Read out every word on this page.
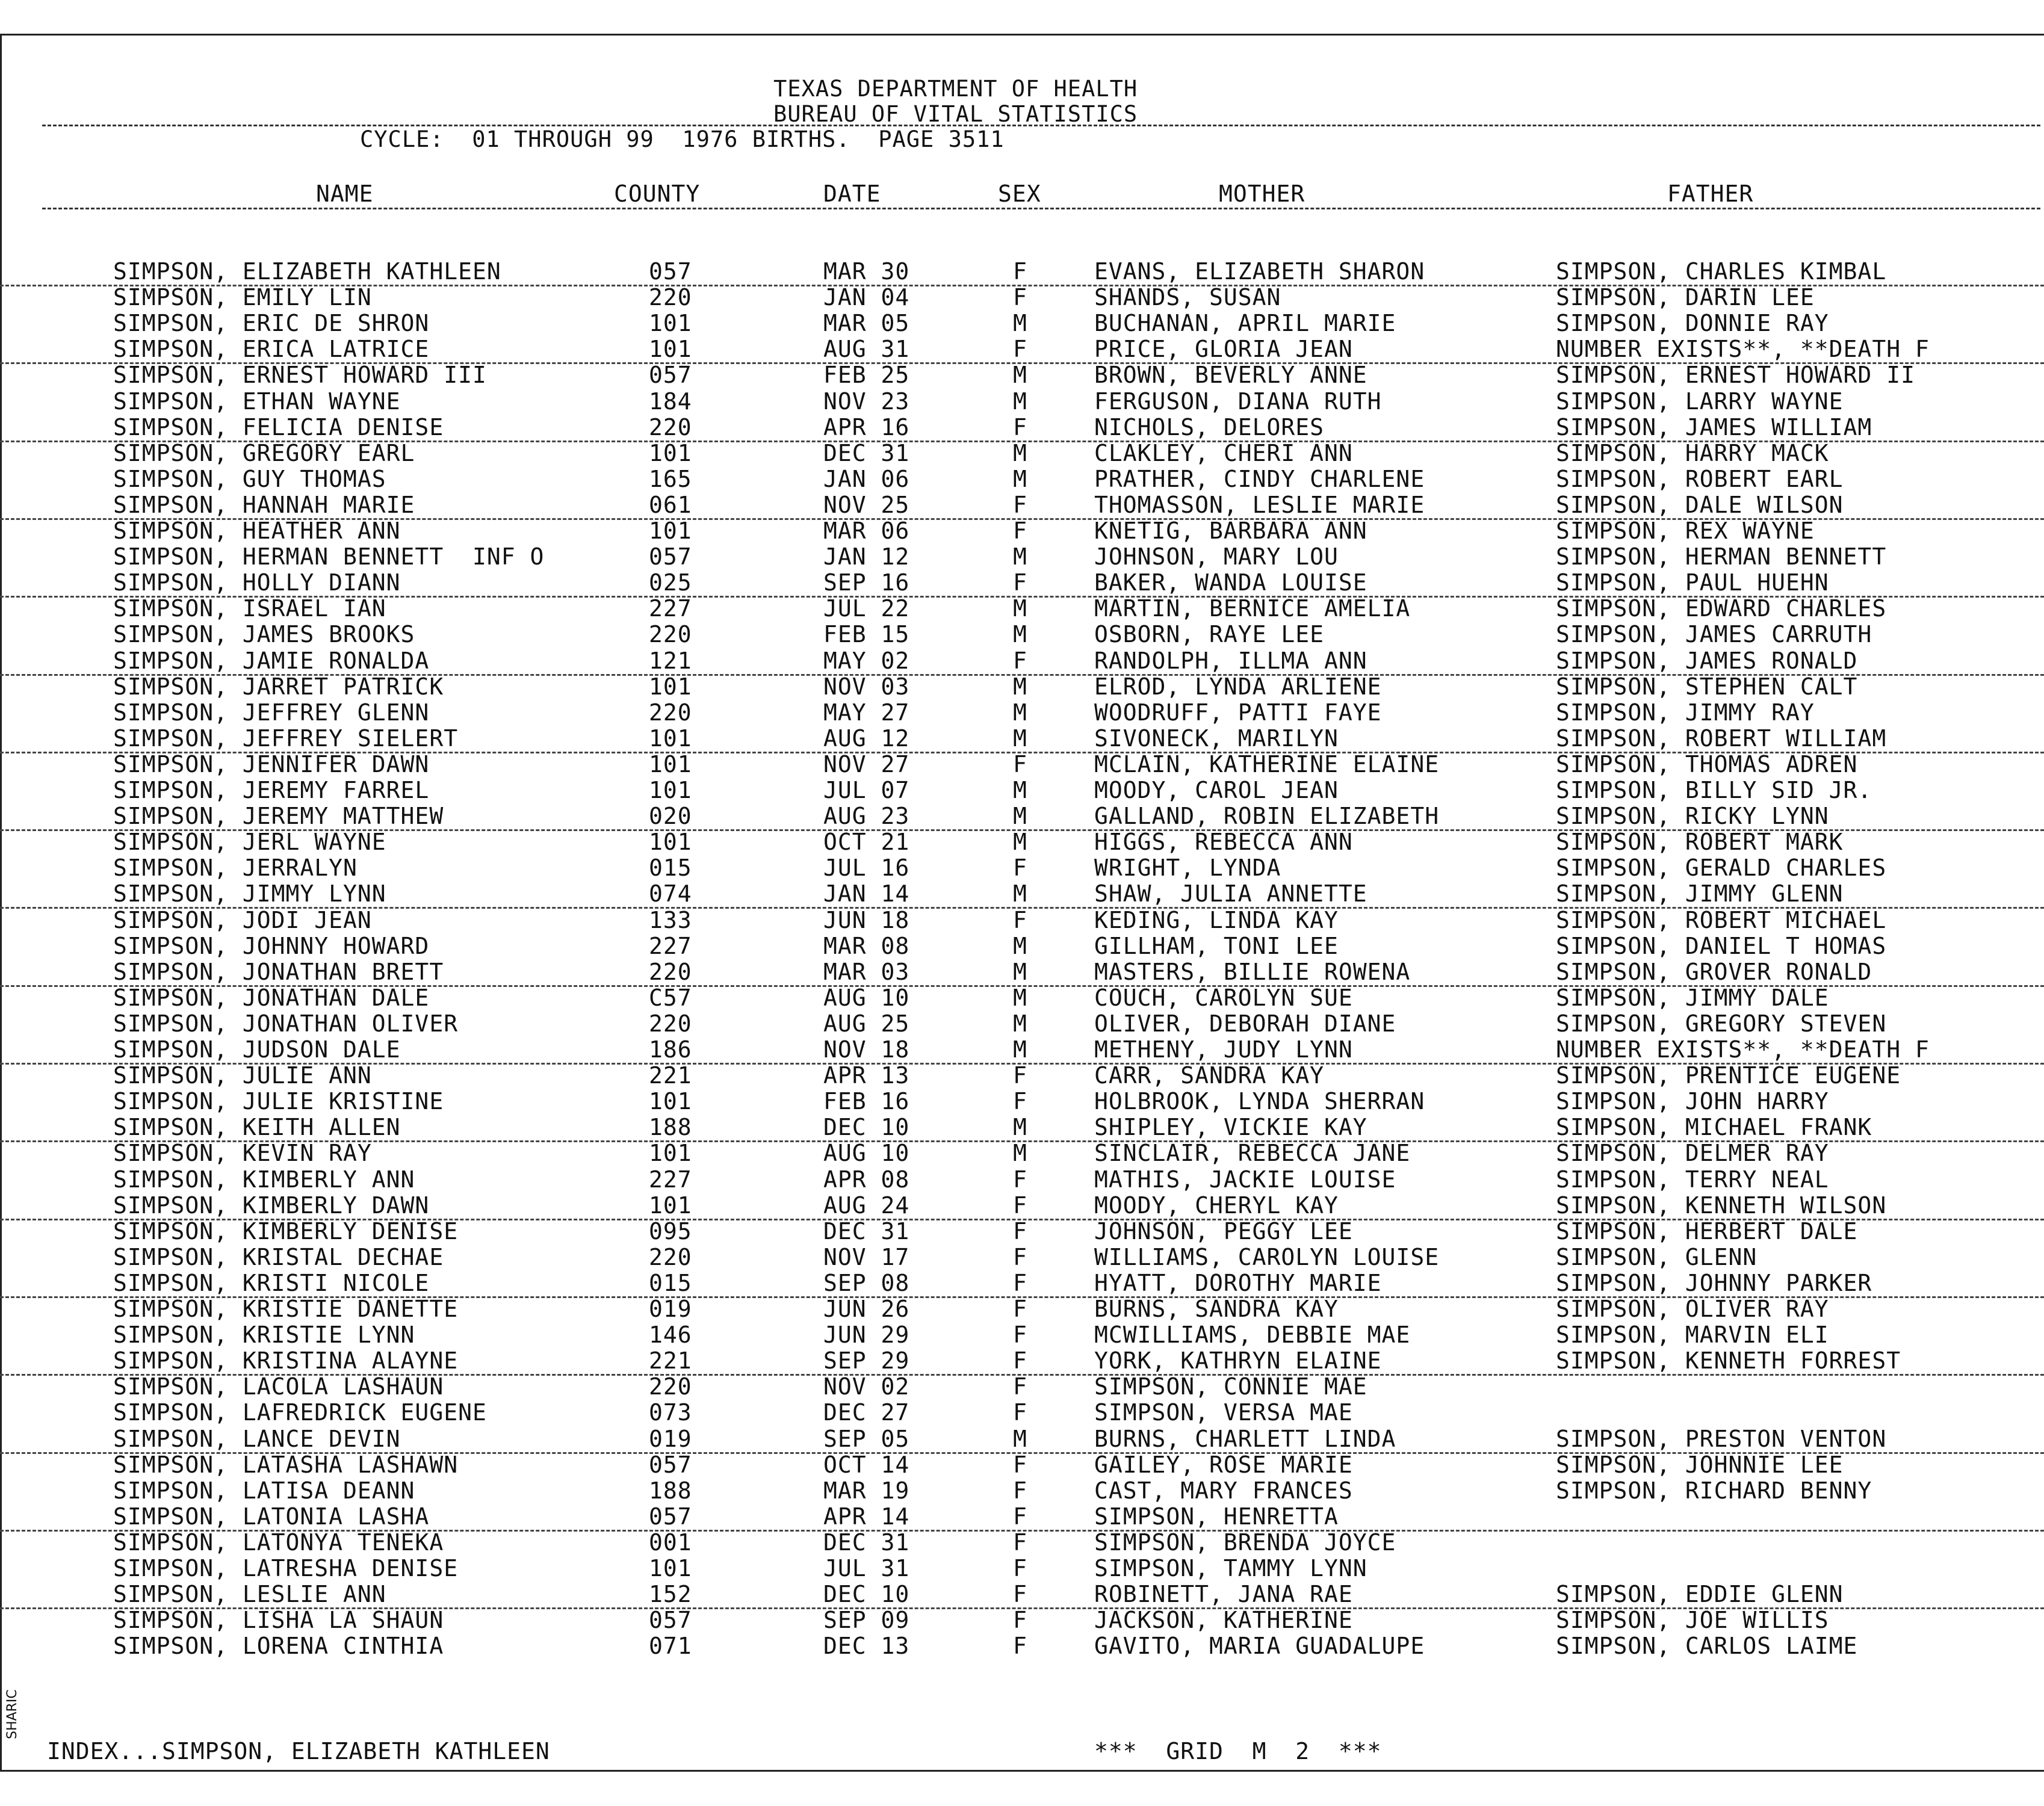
TEXAS DEPARTMENT OF HEALTH
BUREAU OF VITAL STATISTICS
CYCLE:  01 THROUGH 99  1976 BIRTHS.  PAGE 3511
NAME	COUNTY	DATE	SEX	MOTHER	FATHER
SIMPSON, ELIZABETH KATHLEEN	057	MAR 30	F	EVANS, ELIZABETH SHARON	SIMPSON, CHARLES KIMBAL
SIMPSON, EMILY LIN	220	JAN 04	F	SHANDS, SUSAN	SIMPSON, DARIN LEE
SIMPSON, ERIC DE SHRON	101	MAR 05	M	BUCHANAN, APRIL MARIE	SIMPSON, DONNIE RAY
SIMPSON, ERICA LATRICE	101	AUG 31	F	PRICE, GLORIA JEAN	NUMBER EXISTS**, **DEATH F
SIMPSON, ERNEST HOWARD III	057	FEB 25	M	BROWN, BEVERLY ANNE	SIMPSON, ERNEST HOWARD II
SIMPSON, ETHAN WAYNE	184	NOV 23	M	FERGUSON, DIANA RUTH	SIMPSON, LARRY WAYNE
SIMPSON, FELICIA DENISE	220	APR 16	F	NICHOLS, DELORES	SIMPSON, JAMES WILLIAM
SIMPSON, GREGORY EARL	101	DEC 31	M	CLAKLEY, CHERI ANN	SIMPSON, HARRY MACK
SIMPSON, GUY THOMAS	165	JAN 06	M	PRATHER, CINDY CHARLENE	SIMPSON, ROBERT EARL
SIMPSON, HANNAH MARIE	061	NOV 25	F	THOMASSON, LESLIE MARIE	SIMPSON, DALE WILSON
SIMPSON, HEATHER ANN	101	MAR 06	F	KNETIG, BARBARA ANN	SIMPSON, REX WAYNE
SIMPSON, HERMAN BENNETT  INF O	057	JAN 12	M	JOHNSON, MARY LOU	SIMPSON, HERMAN BENNETT
SIMPSON, HOLLY DIANN	025	SEP 16	F	BAKER, WANDA LOUISE	SIMPSON, PAUL HUEHN
SIMPSON, ISRAEL IAN	227	JUL 22	M	MARTIN, BERNICE AMELIA	SIMPSON, EDWARD CHARLES
SIMPSON, JAMES BROOKS	220	FEB 15	M	OSBORN, RAYE LEE	SIMPSON, JAMES CARRUTH
SIMPSON, JAMIE RONALDA	121	MAY 02	F	RANDOLPH, ILLMA ANN	SIMPSON, JAMES RONALD
SIMPSON, JARRET PATRICK	101	NOV 03	M	ELROD, LYNDA ARLIENE	SIMPSON, STEPHEN CALT
SIMPSON, JEFFREY GLENN	220	MAY 27	M	WOODRUFF, PATTI FAYE	SIMPSON, JIMMY RAY
SIMPSON, JEFFREY SIELERT	101	AUG 12	M	SIVONECK, MARILYN	SIMPSON, ROBERT WILLIAM
SIMPSON, JENNIFER DAWN	101	NOV 27	F	MCLAIN, KATHERINE ELAINE	SIMPSON, THOMAS ADREN
SIMPSON, JEREMY FARREL	101	JUL 07	M	MOODY, CAROL JEAN	SIMPSON, BILLY SID JR.
SIMPSON, JEREMY MATTHEW	020	AUG 23	M	GALLAND, ROBIN ELIZABETH	SIMPSON, RICKY LYNN
SIMPSON, JERL WAYNE	101	OCT 21	M	HIGGS, REBECCA ANN	SIMPSON, ROBERT MARK
SIMPSON, JERRALYN	015	JUL 16	F	WRIGHT, LYNDA	SIMPSON, GERALD CHARLES
SIMPSON, JIMMY LYNN	074	JAN 14	M	SHAW, JULIA ANNETTE	SIMPSON, JIMMY GLENN
SIMPSON, JODI JEAN	133	JUN 18	F	KEDING, LINDA KAY	SIMPSON, ROBERT MICHAEL
SIMPSON, JOHNNY HOWARD	227	MAR 08	M	GILLHAM, TONI LEE	SIMPSON, DANIEL T HOMAS
SIMPSON, JONATHAN BRETT	220	MAR 03	M	MASTERS, BILLIE ROWENA	SIMPSON, GROVER RONALD
SIMPSON, JONATHAN DALE	C57	AUG 10	M	COUCH, CAROLYN SUE	SIMPSON, JIMMY DALE
SIMPSON, JONATHAN OLIVER	220	AUG 25	M	OLIVER, DEBORAH DIANE	SIMPSON, GREGORY STEVEN
SIMPSON, JUDSON DALE	186	NOV 18	M	METHENY, JUDY LYNN	NUMBER EXISTS**, **DEATH F
SIMPSON, JULIE ANN	221	APR 13	F	CARR, SANDRA KAY	SIMPSON, PRENTICE EUGENE
SIMPSON, JULIE KRISTINE	101	FEB 16	F	HOLBROOK, LYNDA SHERRAN	SIMPSON, JOHN HARRY
SIMPSON, KEITH ALLEN	188	DEC 10	M	SHIPLEY, VICKIE KAY	SIMPSON, MICHAEL FRANK
SIMPSON, KEVIN RAY	101	AUG 10	M	SINCLAIR, REBECCA JANE	SIMPSON, DELMER RAY
SIMPSON, KIMBERLY ANN	227	APR 08	F	MATHIS, JACKIE LOUISE	SIMPSON, TERRY NEAL
SIMPSON, KIMBERLY DAWN	101	AUG 24	F	MOODY, CHERYL KAY	SIMPSON, KENNETH WILSON
SIMPSON, KIMBERLY DENISE	095	DEC 31	F	JOHNSON, PEGGY LEE	SIMPSON, HERBERT DALE
SIMPSON, KRISTAL DECHAE	220	NOV 17	F	WILLIAMS, CAROLYN LOUISE	SIMPSON, GLENN
SIMPSON, KRISTI NICOLE	015	SEP 08	F	HYATT, DOROTHY MARIE	SIMPSON, JOHNNY PARKER
SIMPSON, KRISTIE DANETTE	019	JUN 26	F	BURNS, SANDRA KAY	SIMPSON, OLIVER RAY
SIMPSON, KRISTIE LYNN	146	JUN 29	F	MCWILLIAMS, DEBBIE MAE	SIMPSON, MARVIN ELI
SIMPSON, KRISTINA ALAYNE	221	SEP 29	F	YORK, KATHRYN ELAINE	SIMPSON, KENNETH FORREST
SIMPSON, LACOLA LASHAUN	220	NOV 02	F	SIMPSON, CONNIE MAE
SIMPSON, LAFREDRICK EUGENE	073	DEC 27	F	SIMPSON, VERSA MAE
SIMPSON, LANCE DEVIN	019	SEP 05	M	BURNS, CHARLETT LINDA	SIMPSON, PRESTON VENTON
SIMPSON, LATASHA LASHAWN	057	OCT 14	F	GAILEY, ROSE MARIE	SIMPSON, JOHNNIE LEE
SIMPSON, LATISA DEANN	188	MAR 19	F	CAST, MARY FRANCES	SIMPSON, RICHARD BENNY
SIMPSON, LATONIA LASHA	057	APR 14	F	SIMPSON, HENRETTA
SIMPSON, LATONYA TENEKA	001	DEC 31	F	SIMPSON, BRENDA JOYCE
SIMPSON, LATRESHA DENISE	101	JUL 31	F	SIMPSON, TAMMY LYNN
SIMPSON, LESLIE ANN	152	DEC 10	F	ROBINETT, JANA RAE	SIMPSON, EDDIE GLENN
SIMPSON, LISHA LA SHAUN	057	SEP 09	F	JACKSON, KATHERINE	SIMPSON, JOE WILLIS
SIMPSON, LORENA CINTHIA	071	DEC 13	F	GAVITO, MARIA GUADALUPE	SIMPSON, CARLOS LAIME
INDEX...SIMPSON, ELIZABETH KATHLEEN	***  GRID  M  2  ***
SHARIC
